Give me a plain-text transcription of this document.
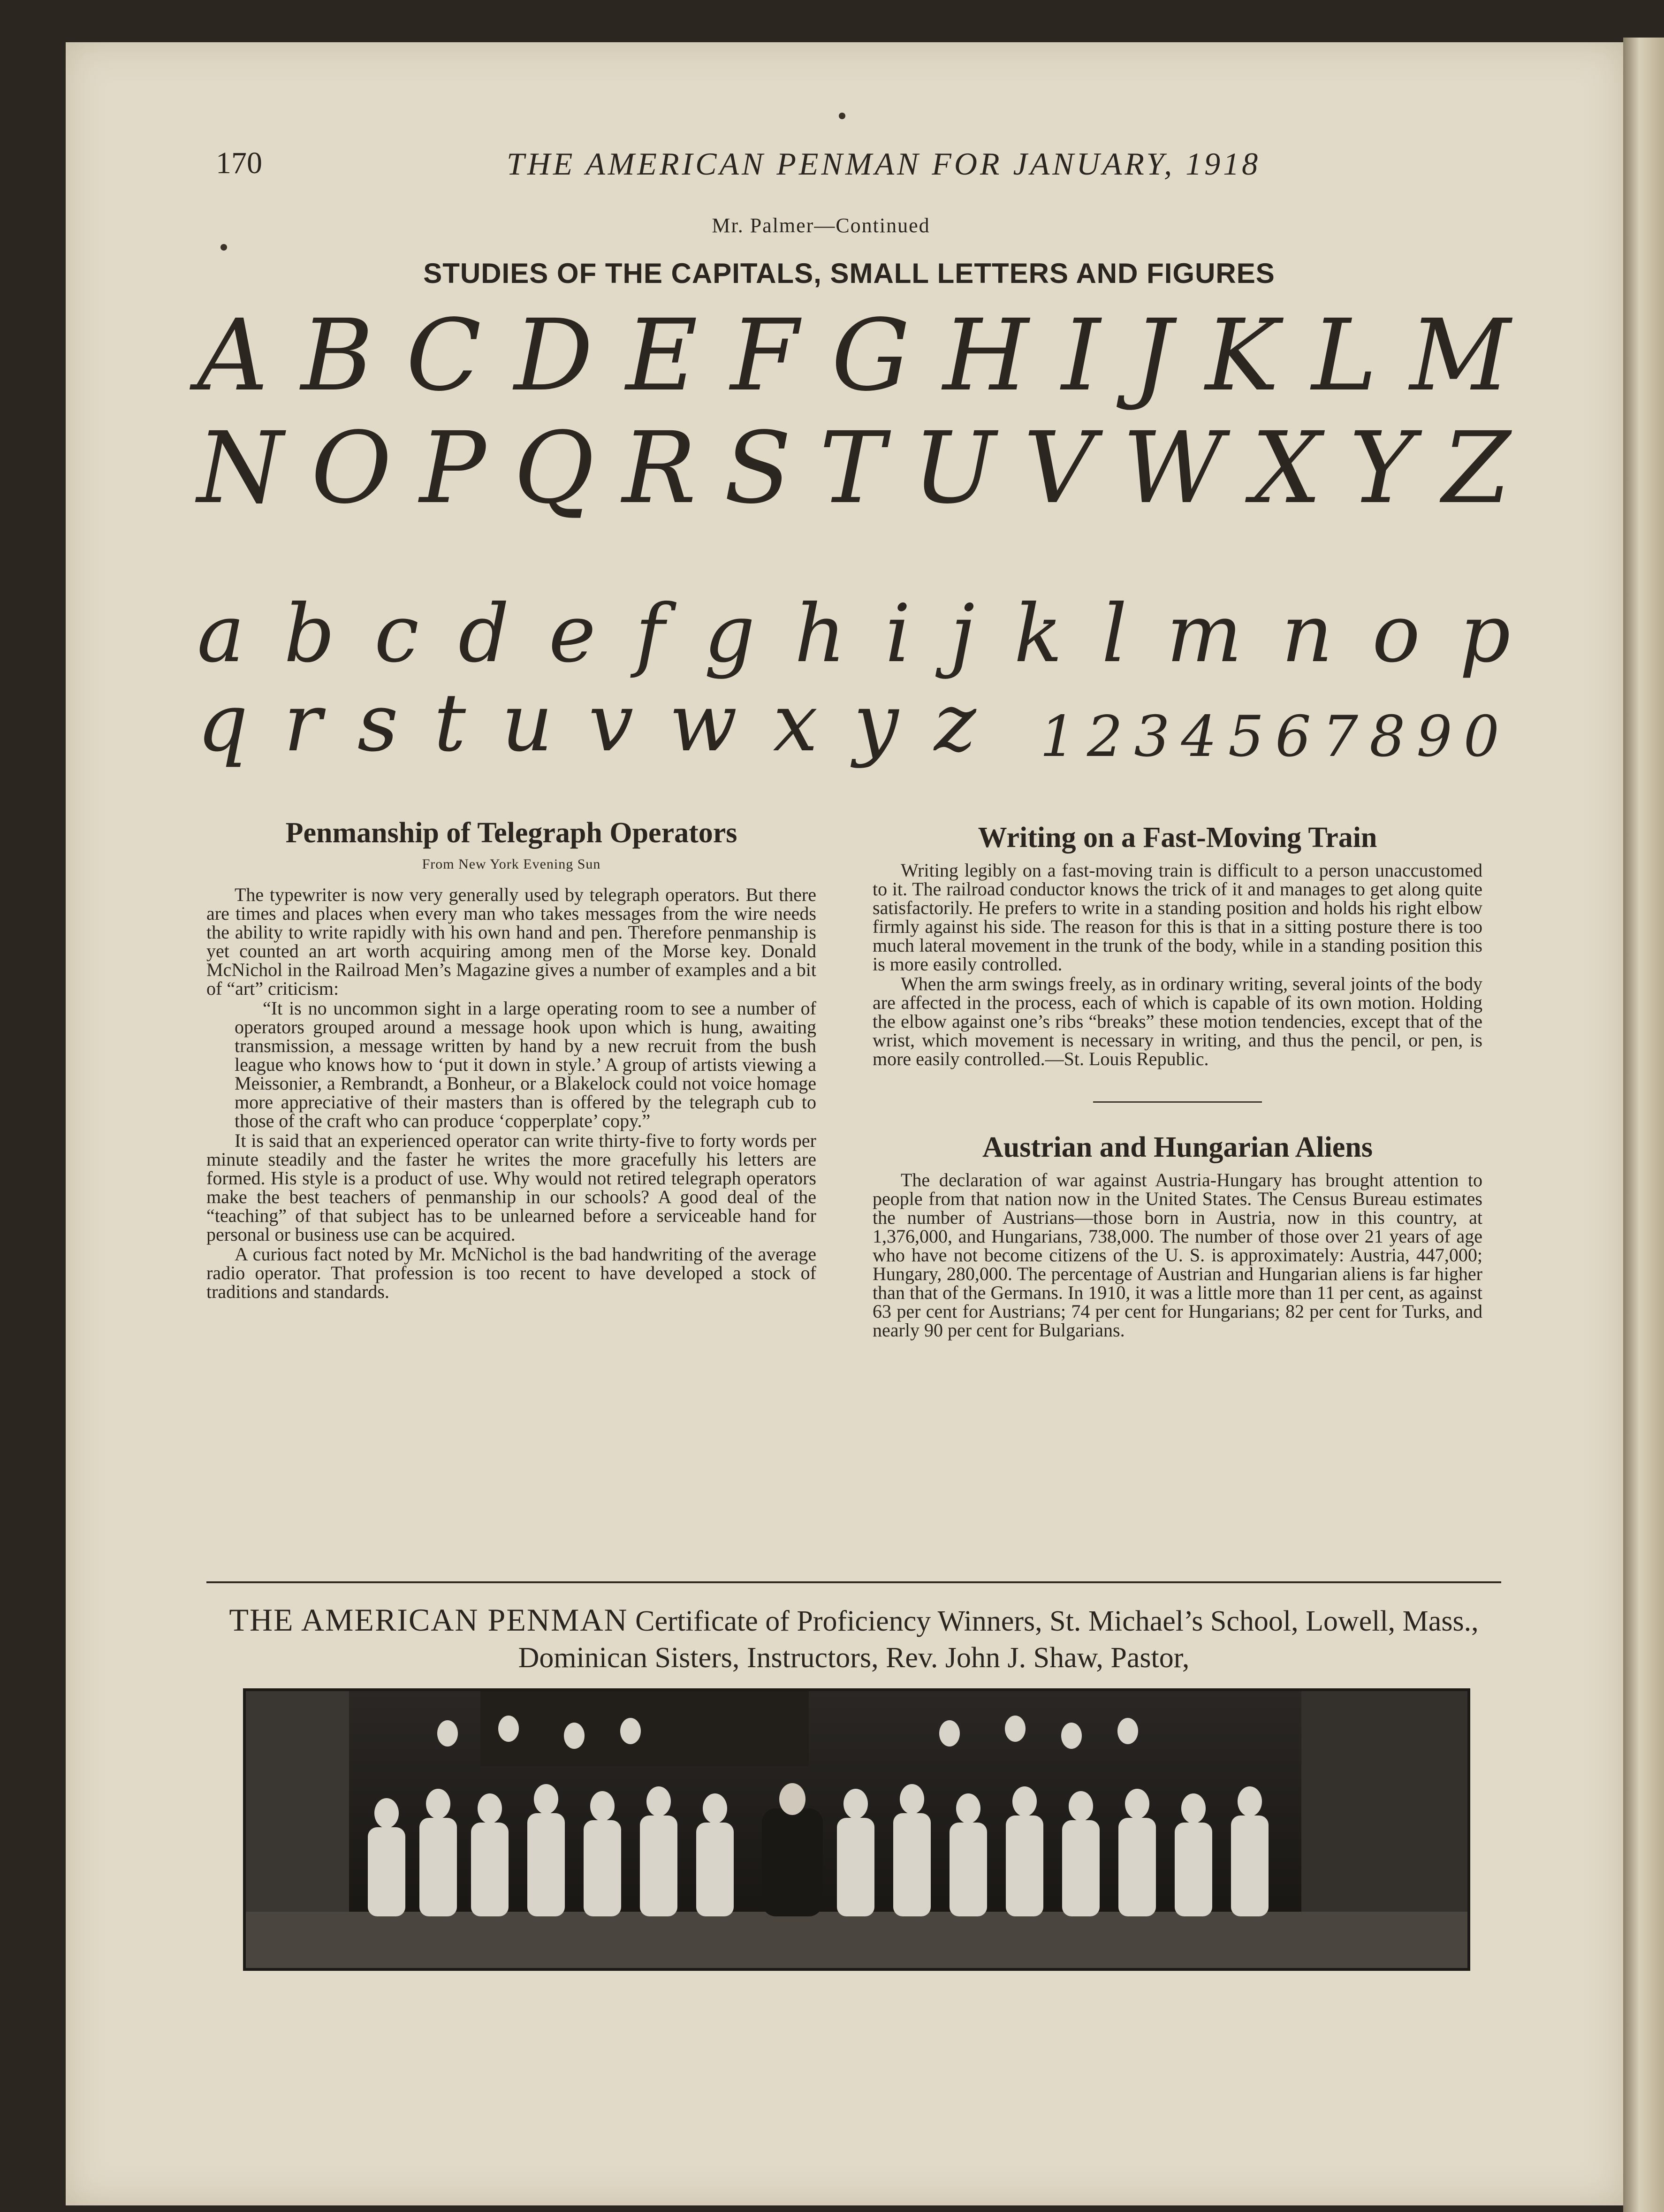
170	THE AMERICAN PENMAN FOR JANUARY, 1918
Mr. Palmer—Continued
STUDIES OF THE CAPITALS, SMALL LETTERS AND FIGURES
A B C D E F G H I J K L M
N O P Q R S T U V W X Y Z
a b c d e f g h i j k l m n o p
q r s t u v w x y z 1234567890
Penmanship of Telegraph Operators
From New York Evening Sun

The typewriter is now very generally used by telegraph operators. But there are times and places when every man who takes messages from the wire needs the ability to write rapidly with his own hand and pen. Therefore penmanship is yet counted an art worth acquiring among men of the Morse key. Donald McNichol in the Railroad Men’s Magazine gives a number of examples and a bit of “art” criticism:

“It is no uncommon sight in a large operating room to see a number of operators grouped around a message hook upon which is hung, awaiting transmission, a message written by hand by a new recruit from the bush league who knows how to ‘put it down in style.’ A group of artists viewing a Meissonier, a Rembrandt, a Bonheur, or a Blakelock could not voice homage more appreciative of their masters than is offered by the telegraph cub to those of the craft who can produce ‘copperplate’ copy.”

It is said that an experienced operator can write thirty-five to forty words per minute steadily and the faster he writes the more gracefully his letters are formed. His style is a product of use. Why would not retired telegraph operators make the best teachers of penmanship in our schools? A good deal of the “teaching” of that subject has to be unlearned before a serviceable hand for personal or business use can be acquired.

A curious fact noted by Mr. McNichol is the bad handwriting of the average radio operator. That profession is too recent to have developed a stock of traditions and standards.

Writing on a Fast-Moving Train

Writing legibly on a fast-moving train is difficult to a person unaccustomed to it. The railroad conductor knows the trick of it and manages to get along quite satisfactorily. He prefers to write in a standing position and holds his right elbow firmly against his side. The reason for this is that in a sitting posture there is too much lateral movement in the trunk of the body, while in a standing position this is more easily controlled.

When the arm swings freely, as in ordinary writing, several joints of the body are affected in the process, each of which is capable of its own motion. Holding the elbow against one’s ribs “breaks” these motion tendencies, except that of the wrist, which movement is necessary in writing, and thus the pencil, or pen, is more easily controlled.—St. Louis Republic.

Austrian and Hungarian Aliens

The declaration of war against Austria-Hungary has brought attention to people from that nation now in the United States. The Census Bureau estimates the number of Austrians—those born in Austria, now in this country, at 1,376,000, and Hungarians, 738,000. The number of those over 21 years of age who have not become citizens of the U. S. is approximately: Austria, 447,000; Hungary, 280,000. The percentage of Austrian and Hungarian aliens is far higher than that of the Germans. In 1910, it was a little more than 11 per cent, as against 63 per cent for Austrians; 74 per cent for Hungarians; 82 per cent for Turks, and nearly 90 per cent for Bulgarians.

THE AMERICAN PENMAN Certificate of Proficiency Winners, St. Michael’s School, Lowell, Mass.,
Dominican Sisters, Instructors, Rev. John J. Shaw, Pastor,
